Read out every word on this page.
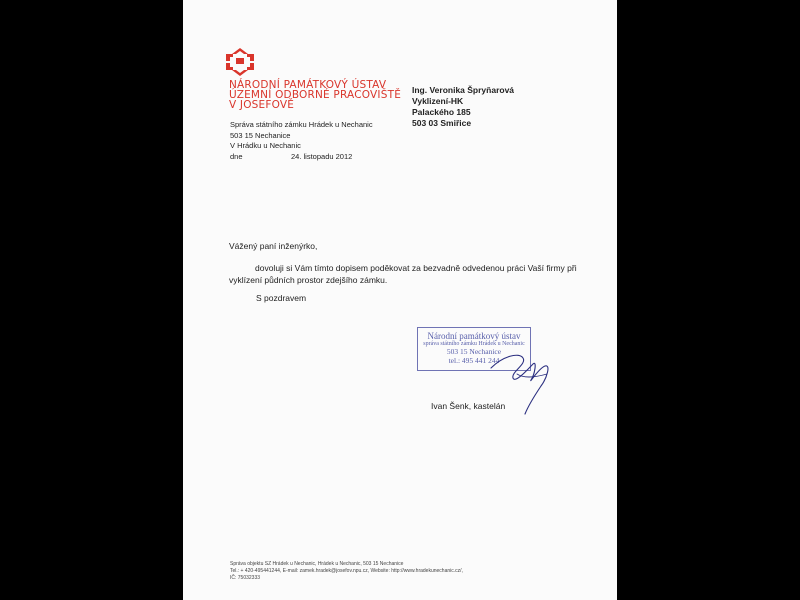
NÁRODNÍ PAMÁTKOVÝ ÚSTAV
ÚZEMNÍ ODBORNÉ PRACOVIŠTĚ
V JOSEFOVĚ
Správa státního zámku Hrádek u Nechanic
503 15 Nechanice
V Hrádku u Nechanic
dne	24. listopadu 2012
Ing. Veronika Špryňarová
Vyklizení-HK
Palackého 185
503 03 Smiřice
Vážený paní inženýrko,
dovoluji si Vám tímto dopisem poděkovat za bezvadně odvedenou práci Vaší firmy při vyklízení půdních prostor zdejšího zámku.
S pozdravem
Národní památkový ústav
správa státního zámku Hrádek u Nechanic
503 15 Nechanice
tel.: 495 441 244
Ivan Šenk, kastelán
Správa objektu SZ Hrádek u Nechanic, Hrádek u Nechanic, 503 15 Nechanice
Tel.: + 420-495441244, E-mail: zamek.hradek@josefov.npu.cz, Website: http://www.hradekunechanic.cz/,
IČ: 75032333
